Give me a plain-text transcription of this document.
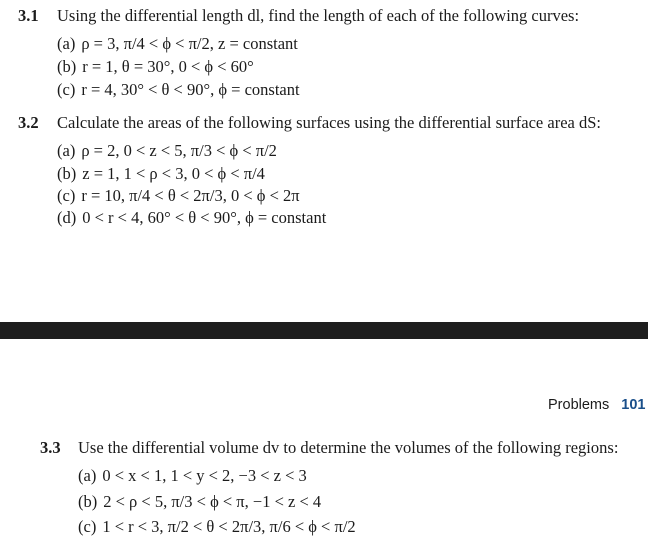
3.1 Using the differential length dl, find the length of each of the following curves:
(a) ρ = 3, π/4 < ϕ < π/2, z = constant
(b) r = 1, θ = 30°, 0 < ϕ < 60°
(c) r = 4, 30° < θ < 90°, ϕ = constant
3.2 Calculate the areas of the following surfaces using the differential surface area dS:
(a) ρ = 2, 0 < z < 5, π/3 < ϕ < π/2
(b) z = 1, 1 < ρ < 3, 0 < ϕ < π/4
(c) r = 10, π/4 < θ < 2π/3, 0 < ϕ < 2π
(d) 0 < r < 4, 60° < θ < 90°, ϕ = constant
Problems 101
3.3 Use the differential volume dv to determine the volumes of the following regions:
(a) 0 < x < 1, 1 < y < 2, −3 < z < 3
(b) 2 < ρ < 5, π/3 < ϕ < π, −1 < z < 4
(c) 1 < r < 3, π/2 < θ < 2π/3, π/6 < ϕ < π/2
